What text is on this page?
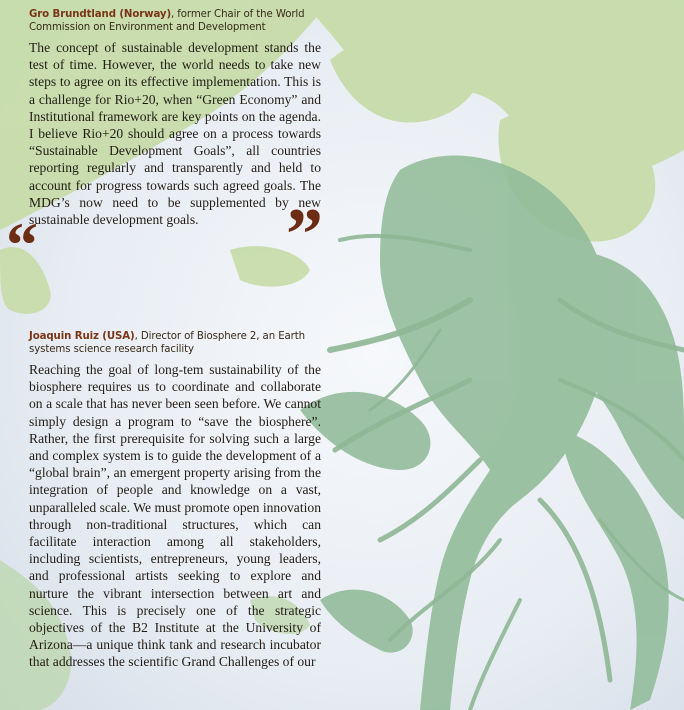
Gro Brundtland (Norway), former Chair of the World
Commission on Environment and Development
The concept of sustainable development stands the test of time. However, the world needs to take new steps to agree on its effective implementation. This is a challenge for Rio+20, when “Green Economy” and Institutional framework are key points on the agenda. I believe Rio+20 should agree on a process towards “Sustainable Development Goals”, all countries reporting regularly and transparently and held to account for progress towards such agreed goals. The MDG’s now need to be supplemented by new sustainable development goals.
“	”
Joaquin Ruiz (USA), Director of Biosphere 2, an Earth
systems science research facility
Reaching the goal of long-tem sustainability of the biosphere requires us to coordinate and collaborate on a scale that has never been seen before. We cannot simply design a program to “save the biosphere”. Rather, the first prerequisite for solving such a large and complex system is to guide the development of a “global brain”, an emergent property arising from the integration of people and knowledge on a vast, unparalleled scale. We must promote open innovation through non-traditional structures, which can facilitate interaction among all stakeholders, including scientists, entrepreneurs, young leaders, and professional artists seeking to explore and nurture the vibrant intersection between art and science. This is precisely one of the strategic objectives of the B2 Institute at the University of Arizona—a unique think tank and research incubator that addresses the scientific Grand Challenges of our
